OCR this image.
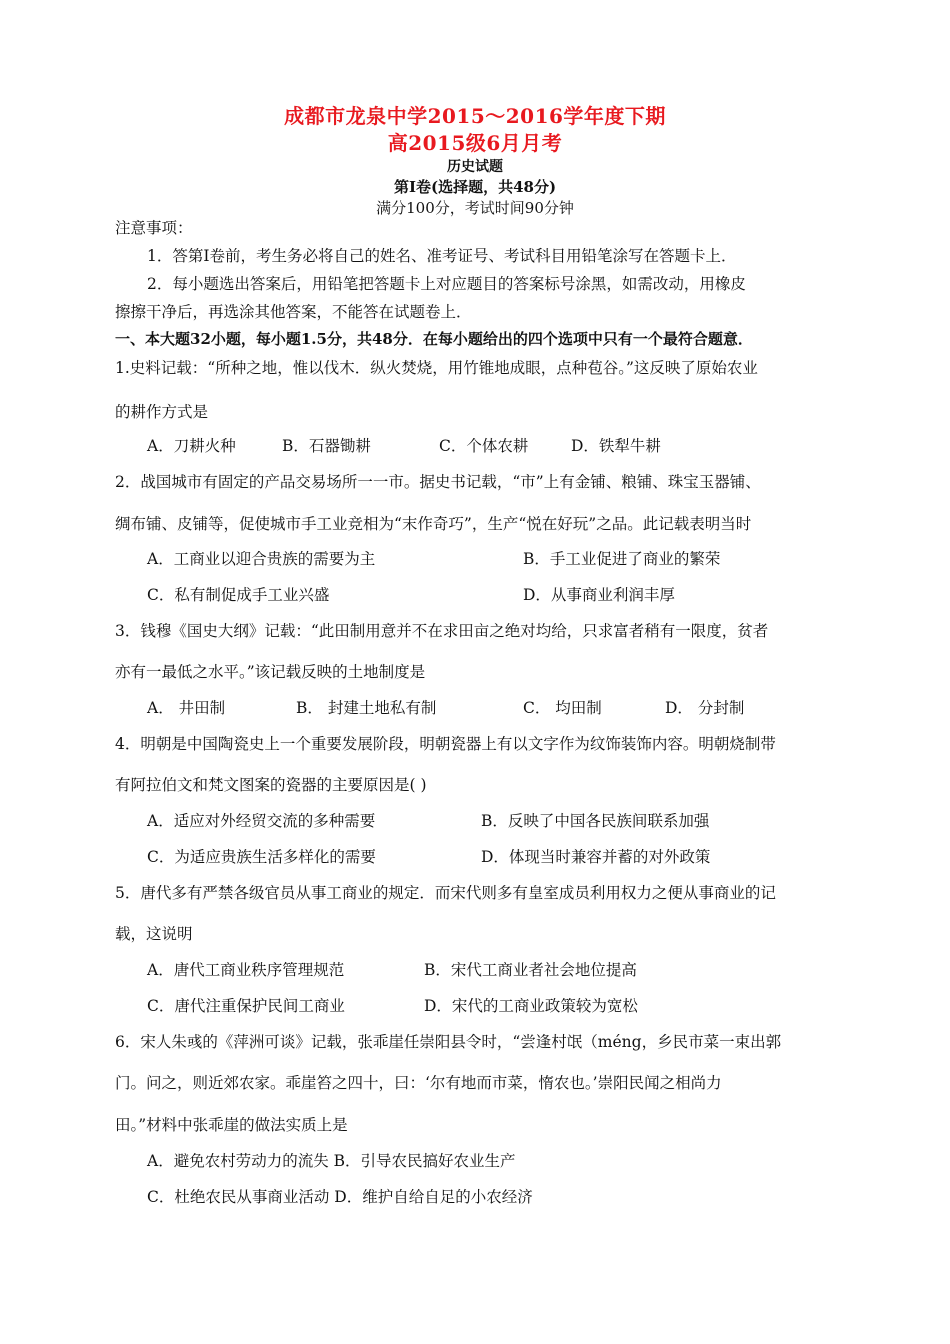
成都市龙泉中学2015～2016学年度下期
高2015级6月月考
历史试题
第Ⅰ卷(选择题，共48分)
满分100分，考试时间90分钟
注意事项：
1．答第Ⅰ卷前，考生务必将自己的姓名、准考证号、考试科目用铅笔涂写在答题卡上．
2．每小题选出答案后，用铅笔把答题卡上对应题目的答案标号涂黑，如需改动，用橡皮
擦擦干净后，再选涂其他答案，不能答在试题卷上．
一、本大题32小题，每小题1.5分，共48分．在每小题给出的四个选项中只有一个最符合题意．
1.史料记载：“所种之地，惟以伐木．纵火焚烧，用竹锥地成眼，点种苞谷。”这反映了原始农业
的耕作方式是
A．刀耕火种	B．石器锄耕	C．个体农耕	D．铁犁牛耕
2．战国城市有固定的产品交易场所一一市。据史书记载，“市”上有金铺、粮铺、珠宝玉器铺、
绸布铺、皮铺等，促使城市手工业竞相为“末作奇巧”，生产“悦在好玩”之品。此记载表明当时
A．工商业以迎合贵族的需要为主	B．手工业促进了商业的繁荣
C．私有制促成手工业兴盛	D．从事商业利润丰厚
3．钱穆《国史大纲》记载：“此田制用意并不在求田亩之绝对均给，只求富者稍有一限度，贫者
亦有一最低之水平。”该记载反映的土地制度是
A． 井田制	B． 封建土地私有制	C． 均田制	D． 分封制
4．明朝是中国陶瓷史上一个重要发展阶段，明朝瓷器上有以文字作为纹饰装饰内容。明朝烧制带
有阿拉伯文和梵文图案的瓷器的主要原因是( )
A．适应对外经贸交流的多种需要	B．反映了中国各民族间联系加强
C．为适应贵族生活多样化的需要	D．体现当时兼容并蓄的对外政策
5．唐代多有严禁各级官员从事工商业的规定．而宋代则多有皇室成员利用权力之便从事商业的记
载，这说明
A．唐代工商业秩序管理规范	B．宋代工商业者社会地位提高
C．唐代注重保护民间工商业	D．宋代的工商业政策较为宽松
6．宋人朱彧的《萍洲可谈》记载，张乖崖任崇阳县令时，“尝逢村氓（méng，乡民市菜一束出郭
门。问之，则近郊农家。乖崖笞之四十，曰：‘尔有地而市菜，惰农也。’崇阳民闻之相尚力
田。”材料中张乖崖的做法实质上是
A．避免农村劳动力的流失 B．引导农民搞好农业生产
C．杜绝农民从事商业活动 D．维护自给自足的小农经济
